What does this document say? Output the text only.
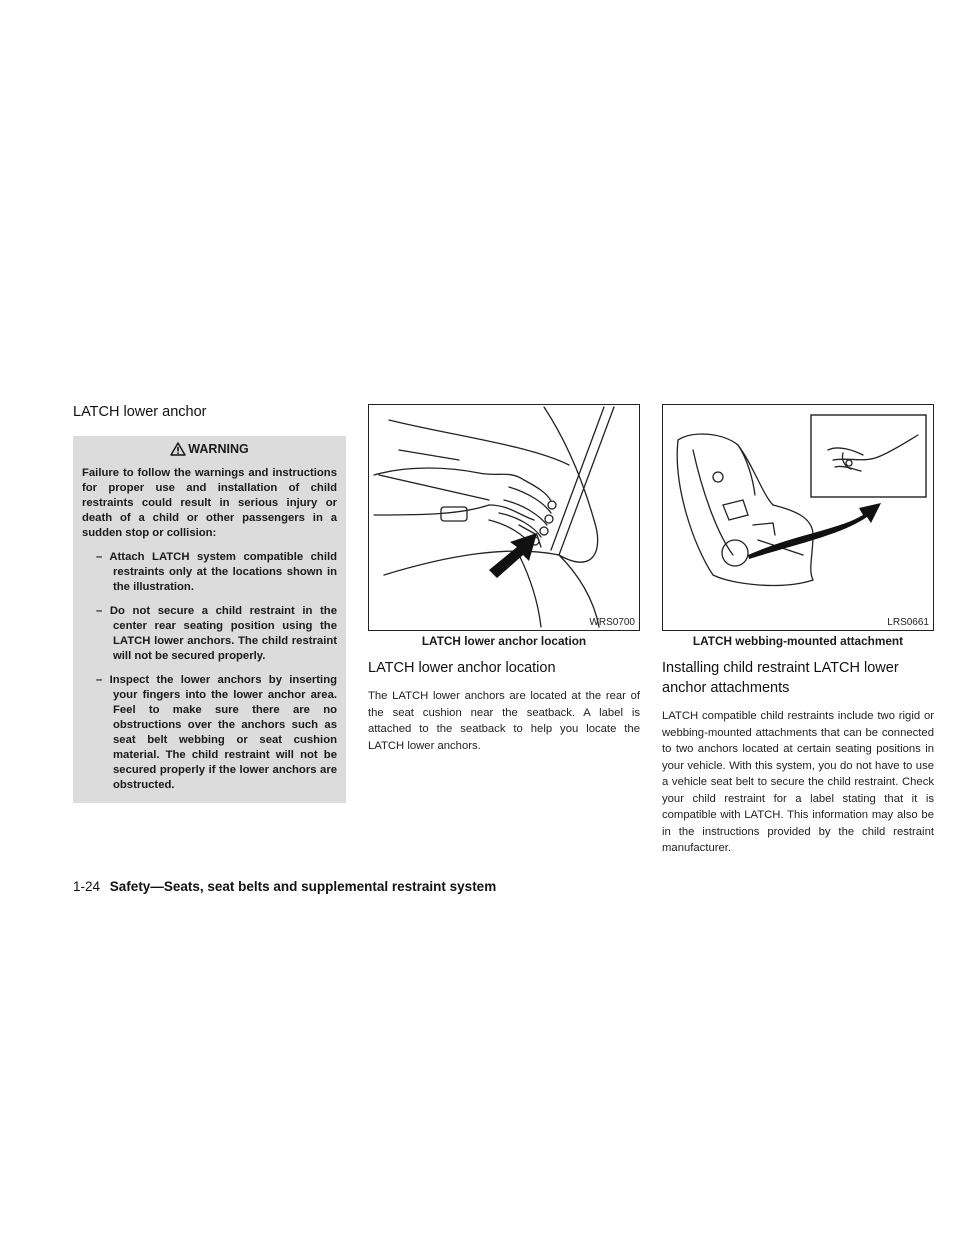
LATCH lower anchor
WARNING

Failure to follow the warnings and instructions for proper use and installation of child restraints could result in serious injury or death of a child or other passengers in a sudden stop or collision:

– Attach LATCH system compatible child restraints only at the locations shown in the illustration.
– Do not secure a child restraint in the center rear seating position using the LATCH lower anchors. The child restraint will not be secured properly.
– Inspect the lower anchors by inserting your fingers into the lower anchor area. Feel to make sure there are no obstructions over the anchors such as seat belt webbing or seat cushion material. The child restraint will not be secured properly if the lower anchors are obstructed.
WRS0700

LATCH lower anchor location

LATCH lower anchor location

The LATCH lower anchors are located at the rear of the seat cushion near the seatback. A label is attached to the seatback to help you locate the LATCH lower anchors.

LRS0661

LATCH webbing-mounted attachment

Installing child restraint LATCH lower anchor attachments

LATCH compatible child restraints include two rigid or webbing-mounted attachments that can be connected to two anchors located at certain seating positions in your vehicle. With this system, you do not have to use a vehicle seat belt to secure the child restraint. Check your child restraint for a label stating that it is compatible with LATCH. This information may also be in the instructions provided by the child restraint manufacturer.

1-24 Safety—Seats, seat belts and supplemental restraint system
